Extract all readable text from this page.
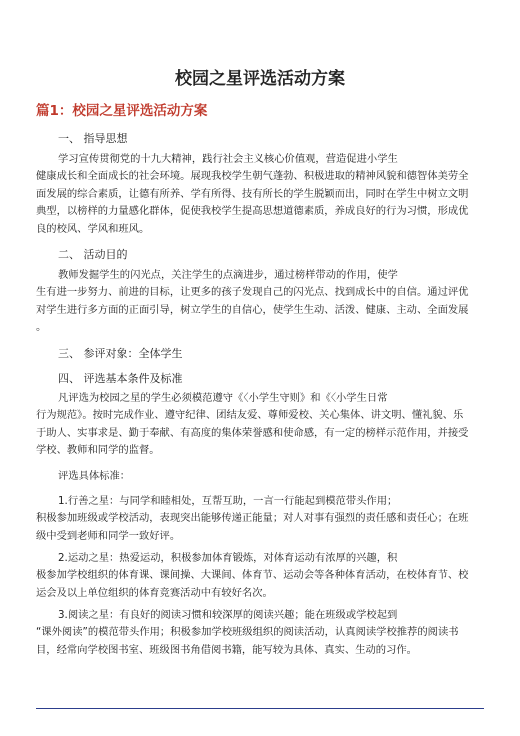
校园之星评选活动方案
篇1：校园之星评选活动方案
一、 指导思想
学习宣传贯彻党的十九大精神，践行社会主义核心价值观，营造促进小学生
健康成长和全面成长的社会环境。展现我校学生朝气蓬勃、积极进取的精神风貌和德智体美劳全
面发展的综合素质，让德有所养、学有所得、技有所长的学生脱颖而出，同时在学生中树立文明
典型，以榜样的力量感化群体，促使我校学生提高思想道德素质，养成良好的行为习惯，形成优
良的校风、学风和班风。
二、 活动目的
教师发掘学生的闪光点，关注学生的点滴进步，通过榜样带动的作用，使学
生有进一步努力、前进的目标，让更多的孩子发现自己的闪光点、找到成长中的自信。通过评优
对学生进行多方面的正面引导，树立学生的自信心，使学生生动、活泼、健康、主动、全面发展
。
三、 参评对象：全体学生
四、 评选基本条件及标准
凡评选为校园之星的学生必须模范遵守《〈小学生守则》和《〈小学生日常
行为规范》。按时完成作业、遵守纪律、团结友爱、尊师爱校、关心集体、讲文明、懂礼貌、乐
于助人、实事求是、勤于奉献、有高度的集体荣誉感和使命感，有一定的榜样示范作用，并接受
学校、教师和同学的监督。
评选具体标准：
1.行善之星：与同学和睦相处，互帮互助，一言一行能起到模范带头作用；
积极参加班级或学校活动，表现突出能够传递正能量；对人对事有强烈的责任感和责任心；在班
级中受到老师和同学一致好评。
2.运动之星：热爱运动，积极参加体育锻炼，对体育运动有浓厚的兴趣，积
极参加学校组织的体育课、课间操、大课间、体育节、运动会等各种体育活动，在校体育节、校
运会及以上单位组织的体育竞赛活动中有较好名次。
3.阅读之星：有良好的阅读习惯和较深厚的阅读兴趣；能在班级或学校起到
“课外阅读”的模范带头作用；积极参加学校班级组织的阅读活动，认真阅读学校推荐的阅读书
目，经常向学校图书室、班级图书角借阅书籍，能写较为具体、真实、生动的习作。
